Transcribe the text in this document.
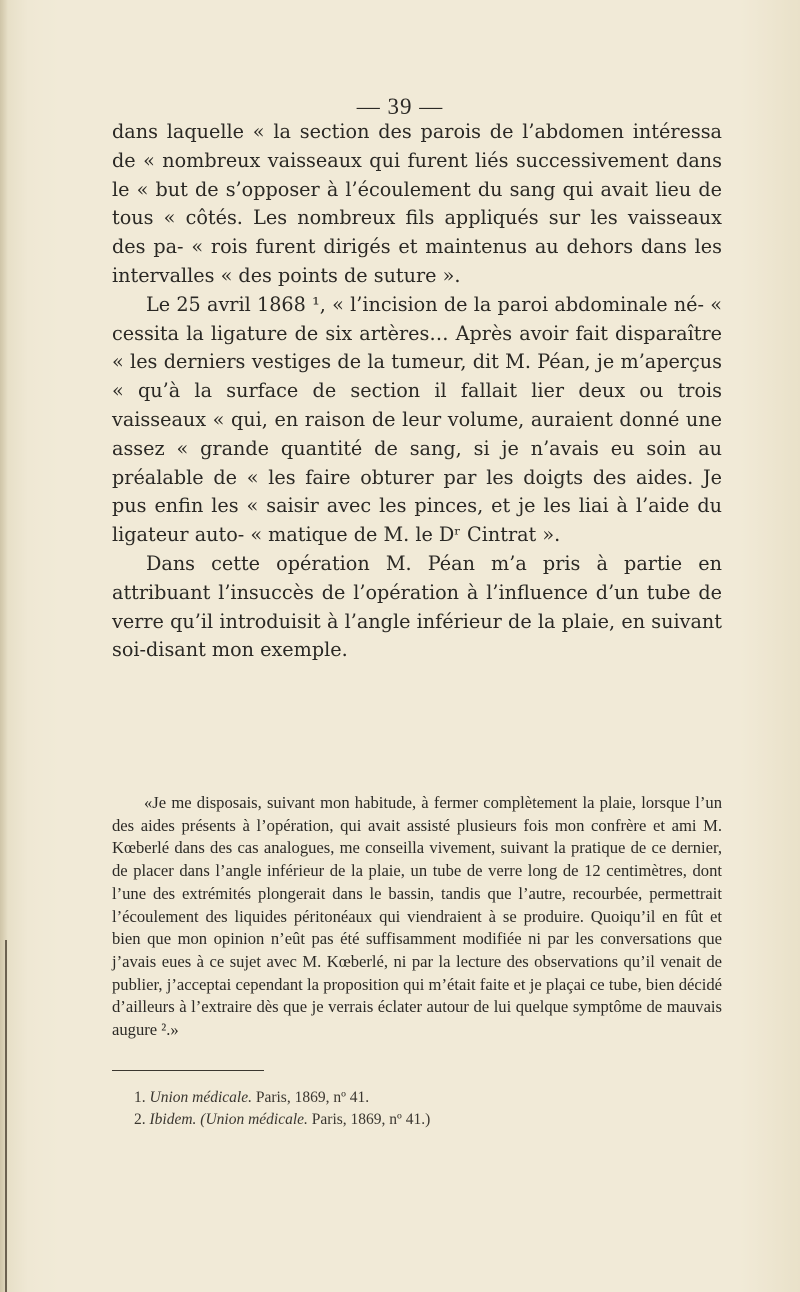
— 39 —

dans laquelle « la section des parois de l’abdomen intéressa de « nombreux vaisseaux qui furent liés successivement dans le « but de s’opposer à l’écoulement du sang qui avait lieu de tous « côtés. Les nombreux fils appliqués sur les vaisseaux des pa- « rois furent dirigés et maintenus au dehors dans les intervalles « des points de suture ».

Le 25 avril 1868 ¹, « l’incision de la paroi abdominale né- « cessita la ligature de six artères… Après avoir fait disparaître « les derniers vestiges de la tumeur, dit M. Péan, je m’aperçus « qu’à la surface de section il fallait lier deux ou trois vaisseaux « qui, en raison de leur volume, auraient donné une assez « grande quantité de sang, si je n’avais eu soin au préalable de « les faire obturer par les doigts des aides. Je pus enfin les « saisir avec les pinces, et je les liai à l’aide du ligateur auto- « matique de M. le Dʳ Cintrat ».

Dans cette opération M. Péan m’a pris à partie en attribuant l’insuccès de l’opération à l’influence d’un tube de verre qu’il introduisit à l’angle inférieur de la plaie, en suivant soi-disant mon exemple.

«Je me disposais, suivant mon habitude, à fermer complètement la plaie, lorsque l’un des aides présents à l’opération, qui avait assisté plusieurs fois mon confrère et ami M. Kœberlé dans des cas analogues, me conseilla vivement, suivant la pratique de ce dernier, de placer dans l’angle inférieur de la plaie, un tube de verre long de 12 centimètres, dont l’une des extrémités plongerait dans le bassin, tandis que l’autre, recourbée, permettrait l’écoulement des liquides péritonéaux qui viendraient à se produire. Quoiqu’il en fût et bien que mon opinion n’eût pas été suffisamment modifiée ni par les conversations que j’avais eues à ce sujet avec M. Kœberlé, ni par la lecture des observations qu’il venait de publier, j’acceptai cependant la proposition qui m’était faite et je plaçai ce tube, bien décidé d’ailleurs à l’extraire dès que je verrais éclater autour de lui quelque symptôme de mauvais augure ².»

1. Union médicale. Paris, 1869, nº 41.

2. Ibidem. (Union médicale. Paris, 1869, nº 41.)
